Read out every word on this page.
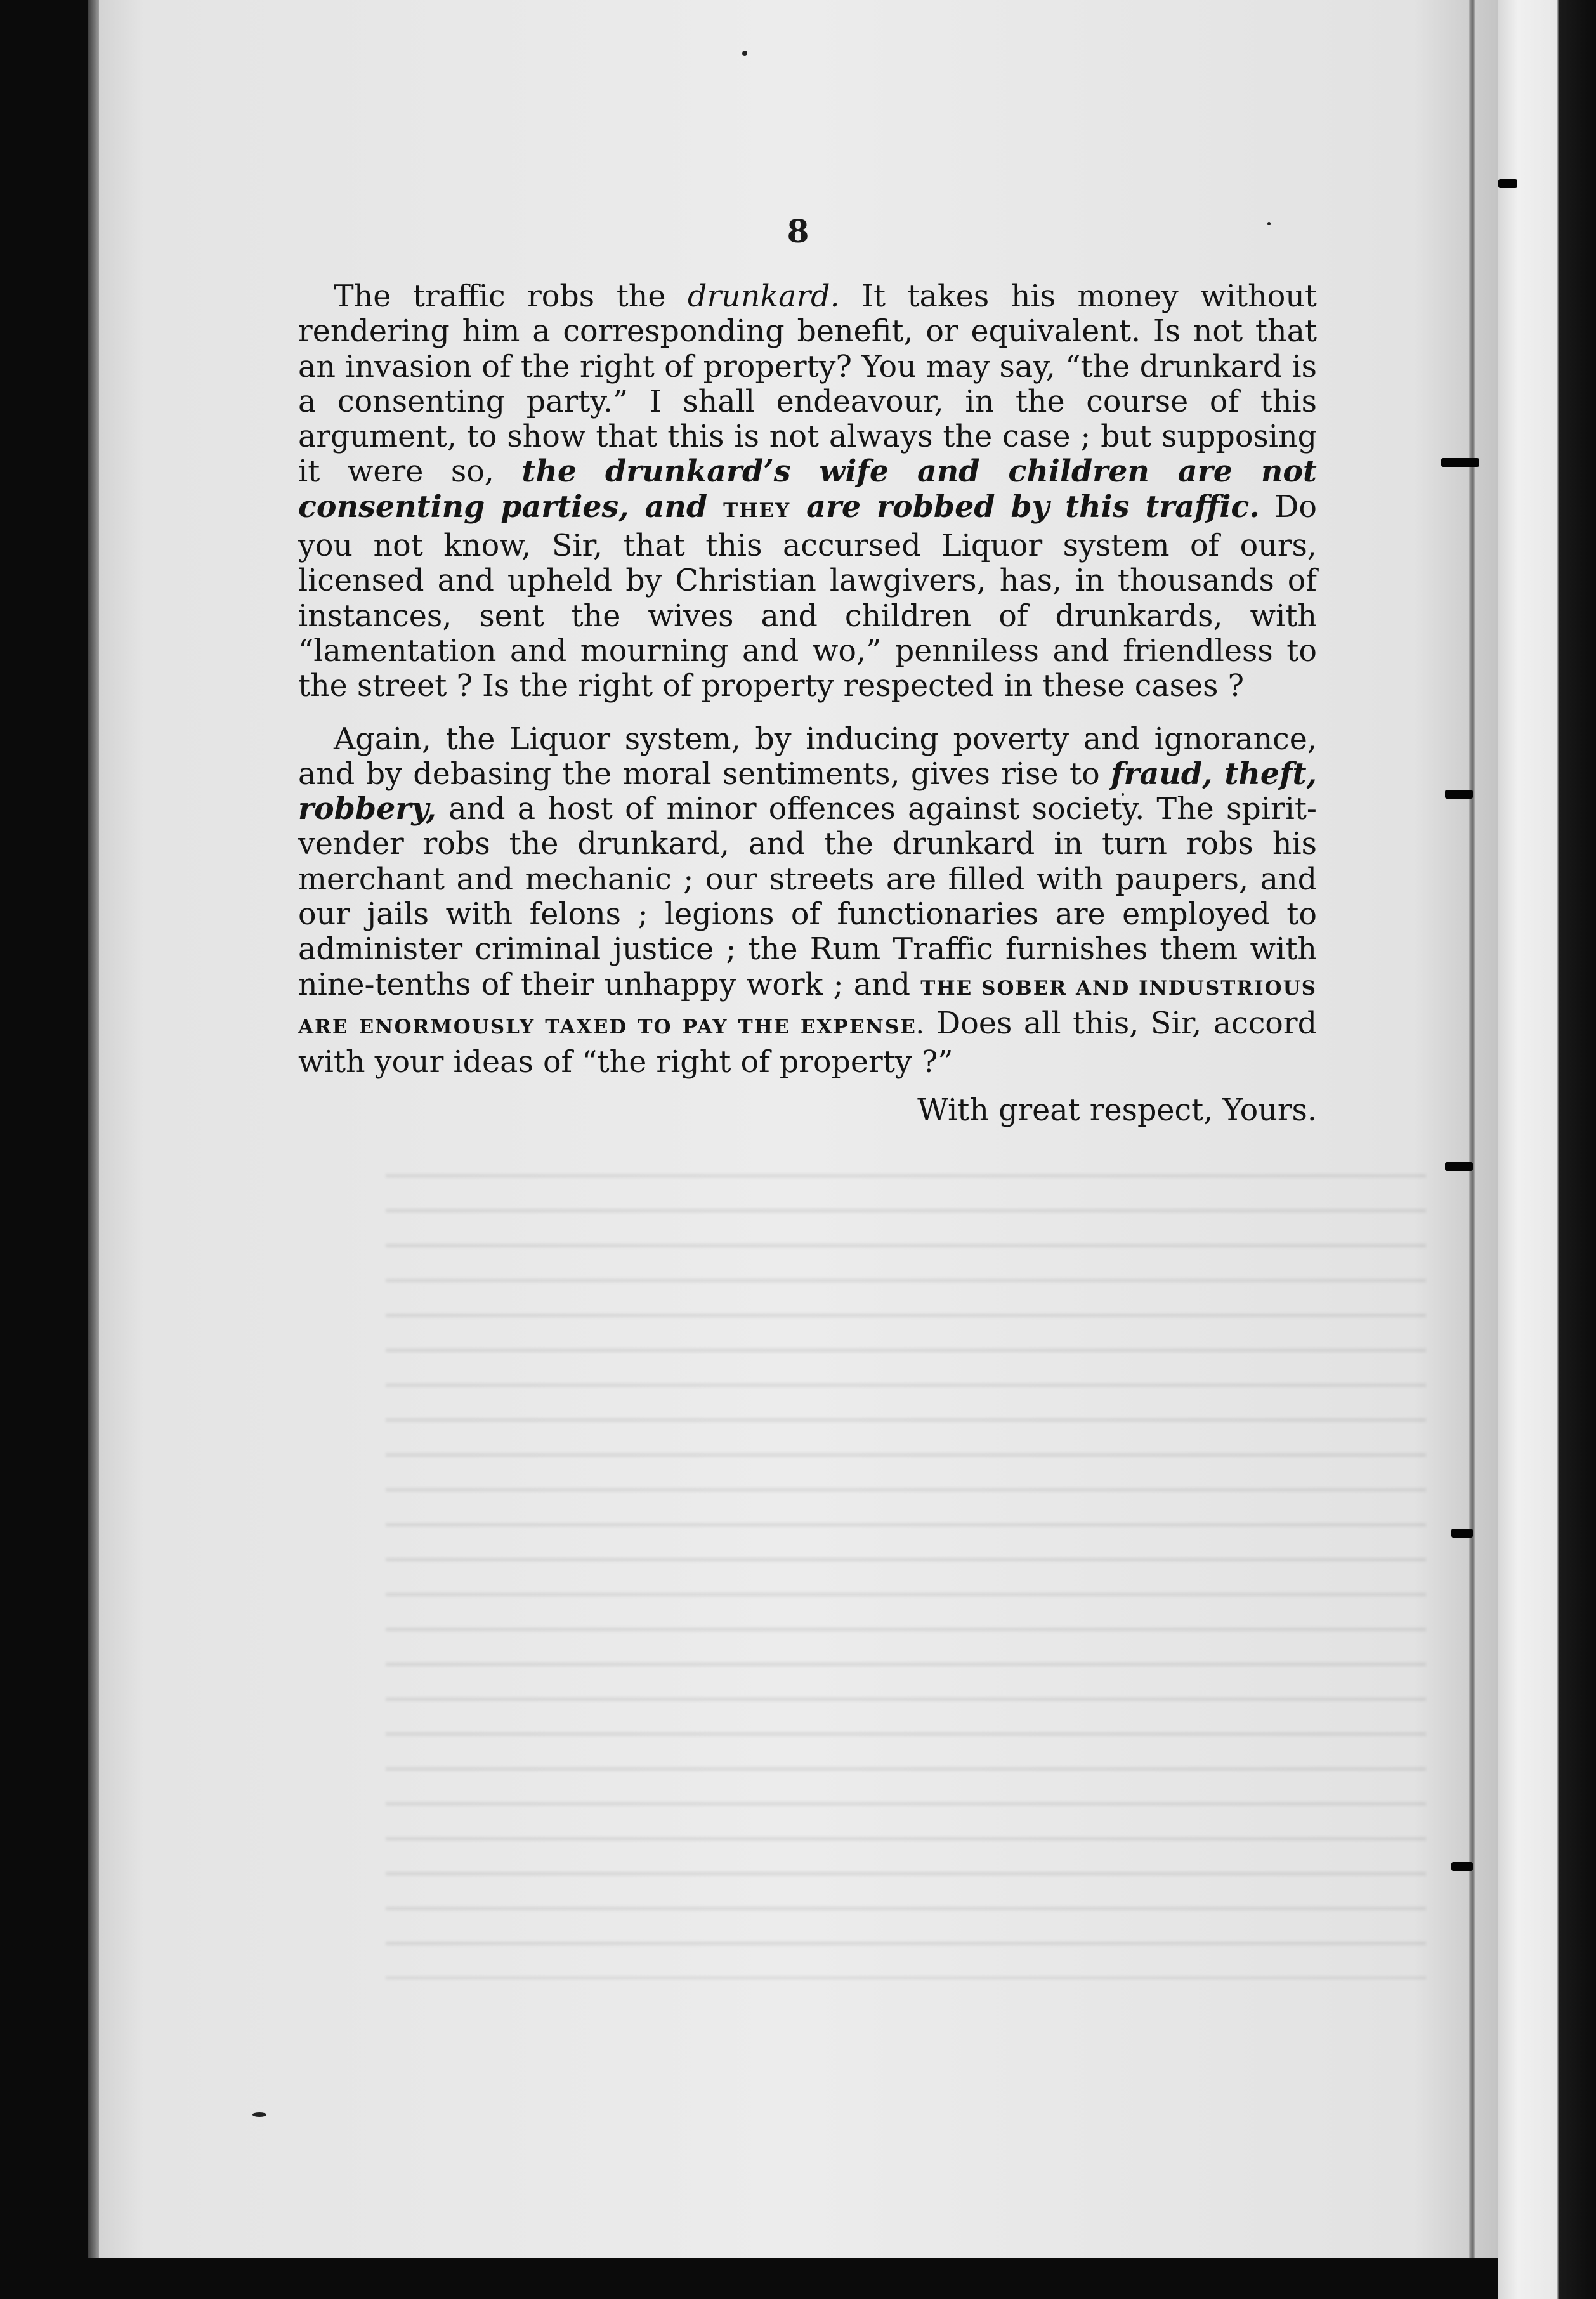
8

The traffic robs the drunkard. It takes his money without rendering him a corresponding benefit, or equivalent. Is not that an invasion of the right of property? You may say, “the drunkard is a consenting party.” I shall endeavour, in the course of this argument, to show that this is not always the case ; but supposing it were so, the drunkard’s wife and children are not consenting parties, and THEY are robbed by this traffic. Do you not know, Sir, that this accursed Liquor system of ours, licensed and upheld by Christian lawgivers, has, in thousands of instances, sent the wives and children of drunkards, with “lamentation and mourning and wo,” penniless and friendless to the street ? Is the right of property respected in these cases ?

Again, the Liquor system, by inducing poverty and ignorance, and by debasing the moral sentiments, gives rise to fraud, theft, robbery, and a host of minor offences against society. The spirit-vender robs the drunkard, and the drunkard in turn robs his merchant and mechanic ; our streets are filled with paupers, and our jails with felons ; legions of functionaries are employed to administer criminal justice ; the Rum Traffic furnishes them with nine-tenths of their unhappy work ; and THE SOBER AND INDUSTRIOUS ARE ENORMOUSLY TAXED TO PAY THE EXPENSE. Does all this, Sir, accord with your ideas of “the right of property ?”

With great respect, Yours.
